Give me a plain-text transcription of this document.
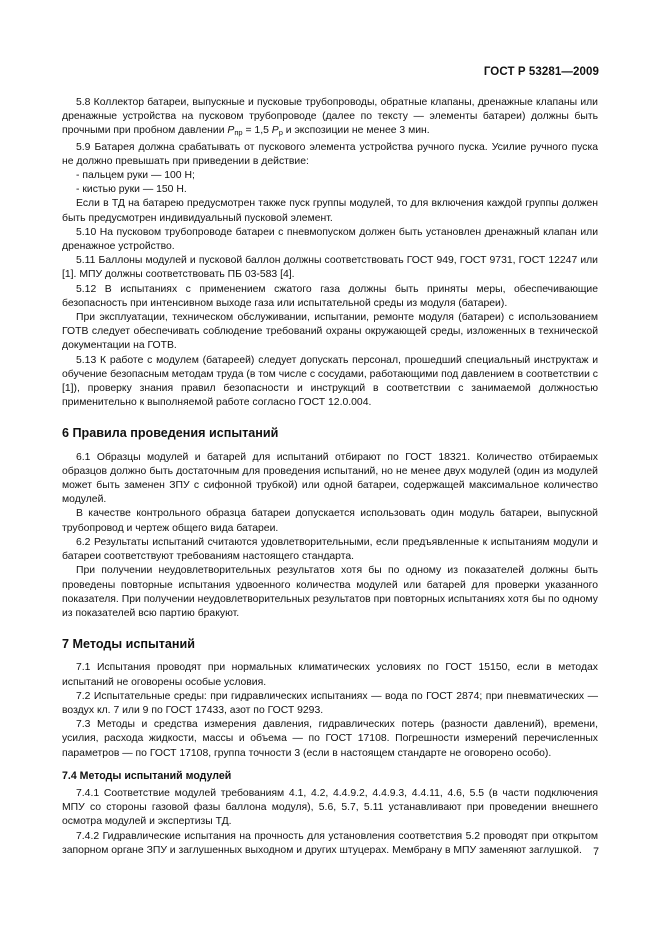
ГОСТ Р 53281—2009

5.8 Коллектор батареи, выпускные и пусковые трубопроводы, обратные клапаны, дренажные клапаны или дренажные устройства на пусковом трубопроводе (далее по тексту — элементы батареи) должны быть прочными при пробном давлении $P_{пр} = 1,5$ $P_р$ и экспозиции не менее 3 мин.

5.9 Батарея должна срабатывать от пускового элемента устройства ручного пуска. Усилие ручного пуска не должно превышать при приведении в действие:

- пальцем руки — 100 Н;

- кистью руки — 150 Н.

Если в ТД на батарею предусмотрен также пуск группы модулей, то для включения каждой группы должен быть предусмотрен индивидуальный пусковой элемент.

5.10 На пусковом трубопроводе батареи с пневмопуском должен быть установлен дренажный клапан или дренажное устройство.

5.11 Баллоны модулей и пусковой баллон должны соответствовать ГОСТ 949, ГОСТ 9731, ГОСТ 12247 или [1]. МПУ должны соответствовать ПБ 03-583 [4].

5.12 В испытаниях с применением сжатого газа должны быть приняты меры, обеспечивающие безопасность при интенсивном выходе газа или испытательной среды из модуля (батареи).

При эксплуатации, техническом обслуживании, испытании, ремонте модуля (батареи) с использованием ГОТВ следует обеспечивать соблюдение требований охраны окружающей среды, изложенных в технической документации на ГОТВ.

5.13 К работе с модулем (батареей) следует допускать персонал, прошедший специальный инструктаж и обучение безопасным методам труда (в том числе с сосудами, работающими под давлением в соответствии с [1]), проверку знания правил безопасности и инструкций в соответствии с занимаемой должностью применительно к выполняемой работе согласно ГОСТ 12.0.004.

6 Правила проведения испытаний

6.1 Образцы модулей и батарей для испытаний отбирают по ГОСТ 18321. Количество отбираемых образцов должно быть достаточным для проведения испытаний, но не менее двух модулей (один из модулей может быть заменен ЗПУ с сифонной трубкой) или одной батареи, содержащей максимальное количество модулей.

В качестве контрольного образца батареи допускается использовать один модуль батареи, выпускной трубопровод и чертеж общего вида батареи.

6.2 Результаты испытаний считаются удовлетворительными, если предъявленные к испытаниям модули и батареи соответствуют требованиям настоящего стандарта.

При получении неудовлетворительных результатов хотя бы по одному из показателей должны быть проведены повторные испытания удвоенного количества модулей или батарей для проверки указанного показателя. При получении неудовлетворительных результатов при повторных испытаниях хотя бы по одному из показателей всю партию бракуют.

7 Методы испытаний

7.1 Испытания проводят при нормальных климатических условиях по ГОСТ 15150, если в методах испытаний не оговорены особые условия.

7.2 Испытательные среды: при гидравлических испытаниях — вода по ГОСТ 2874; при пневматических — воздух кл. 7 или 9 по ГОСТ 17433, азот по ГОСТ 9293.

7.3 Методы и средства измерения давления, гидравлических потерь (разности давлений), времени, усилия, расхода жидкости, массы и объема — по ГОСТ 17108. Погрешности измерений перечисленных параметров — по ГОСТ 17108, группа точности 3 (если в настоящем стандарте не оговорено особо).

7.4 Методы испытаний модулей

7.4.1 Соответствие модулей требованиям 4.1, 4.2, 4.4.9.2, 4.4.9.3, 4.4.11, 4.6, 5.5 (в части подключения МПУ со стороны газовой фазы баллона модуля), 5.6, 5.7, 5.11 устанавливают при проведении внешнего осмотра модулей и экспертизы ТД.

7.4.2 Гидравлические испытания на прочность для установления соответствия 5.2 проводят при открытом запорном органе ЗПУ и заглушенных выходном и других штуцерах. Мембрану в МПУ заменяют заглушкой.	7
